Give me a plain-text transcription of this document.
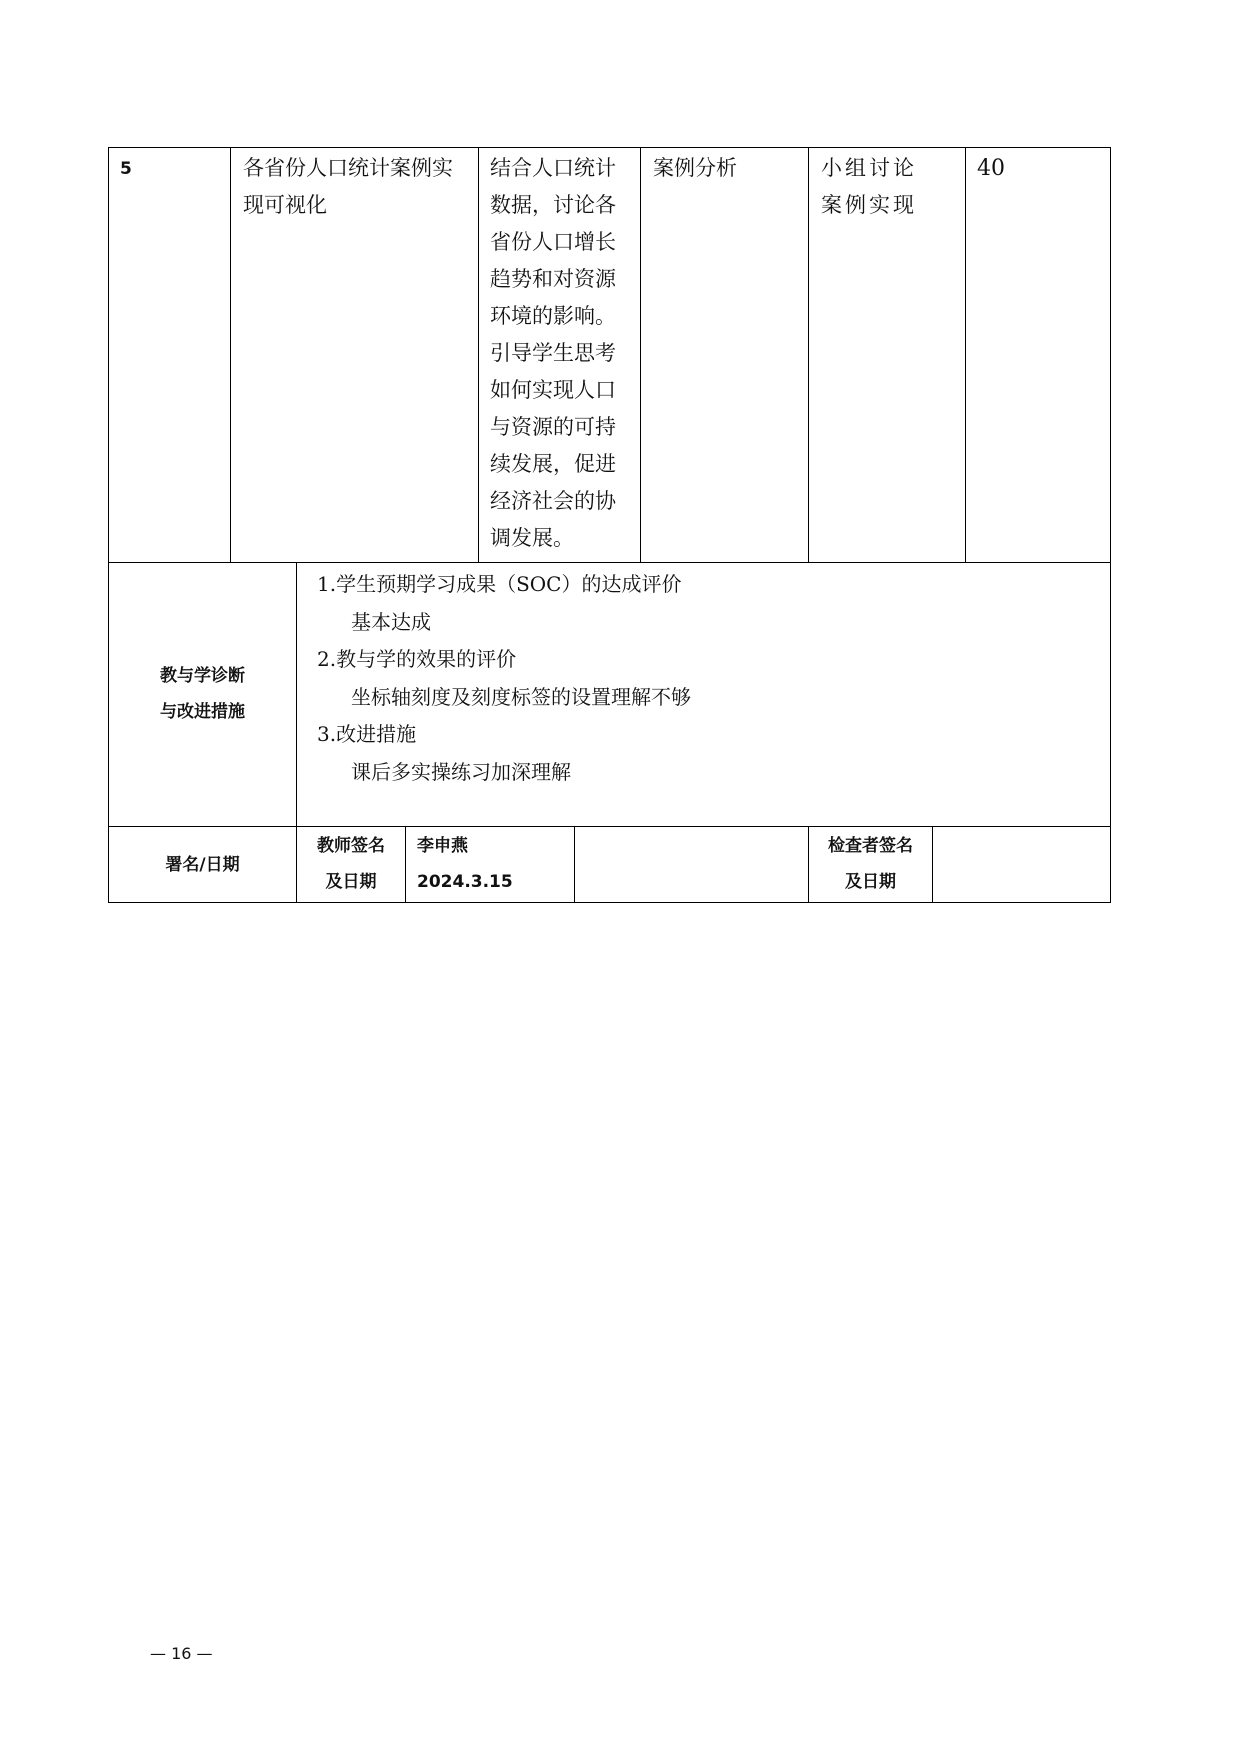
5	各省份人口统计案例实现可视化
结合人口统计数据，讨论各省份人口增长趋势和对资源环境的影响。引导学生思考如何实现人口与资源的可持续发展，促进经济社会的协调发展。
案例分析	小组讨论案例实现
40
教与学诊断
与改进措施
1.学生预期学习成果（SOC）的达成评价
基本达成
2.教与学的效果的评价
坐标轴刻度及刻度标签的设置理解不够
3.改进措施
课后多实操练习加深理解
署名/日期
教师签名
及日期
李申燕
2024.3.15
检查者签名
及日期
— 16 —
